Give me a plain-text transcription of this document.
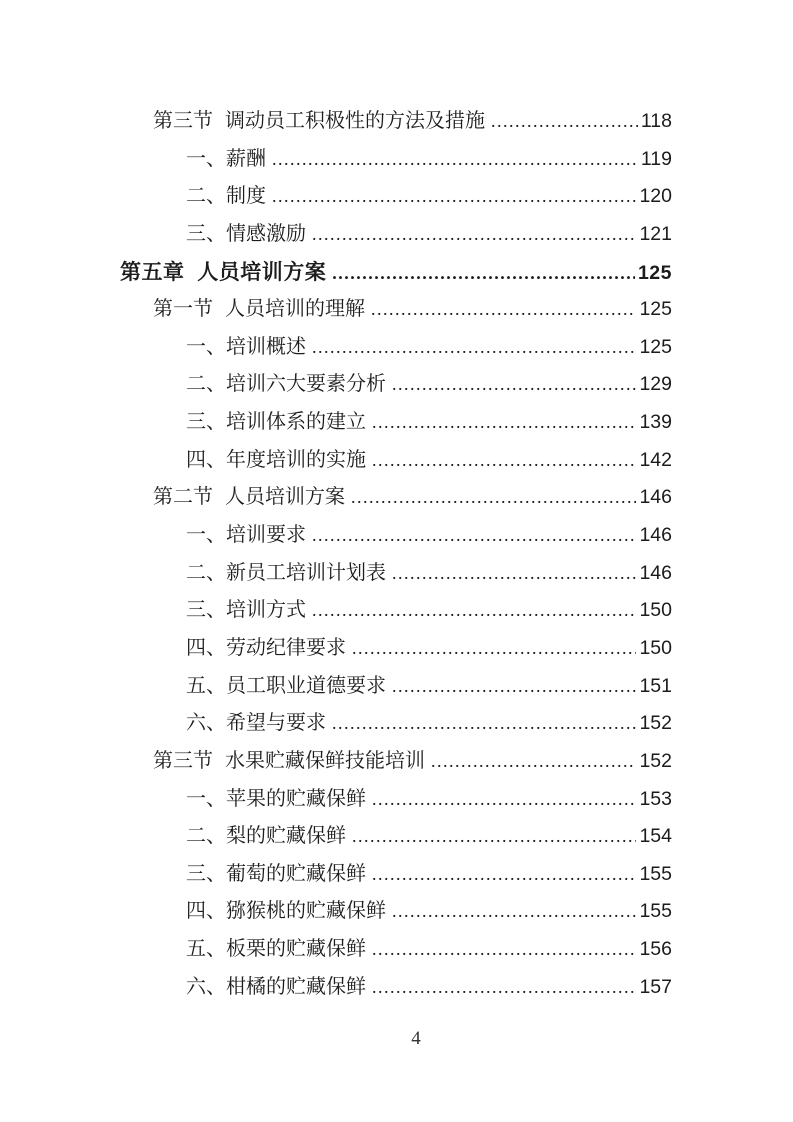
第三节 调动员工积极性的方法及措施 .....	118
一、薪酬 .....	119
二、制度 .....	120
三、情感激励 .....	121
第五章 人员培训方案 .....	125
第一节 人员培训的理解 .....	125
一、培训概述 .....	125
二、培训六大要素分析 .....	129
三、培训体系的建立 .....	139
四、年度培训的实施 .....	142
第二节 人员培训方案 .....	146
一、培训要求 .....	146
二、新员工培训计划表 .....	146
三、培训方式 .....	150
四、劳动纪律要求 .....	150
五、员工职业道德要求 .....	151
六、希望与要求 .....	152
第三节 水果贮藏保鲜技能培训 .....	152
一、苹果的贮藏保鲜 .....	153
二、梨的贮藏保鲜 .....	154
三、葡萄的贮藏保鲜 .....	155
四、猕猴桃的贮藏保鲜 .....	155
五、板栗的贮藏保鲜 .....	156
六、柑橘的贮藏保鲜 .....	157
4
